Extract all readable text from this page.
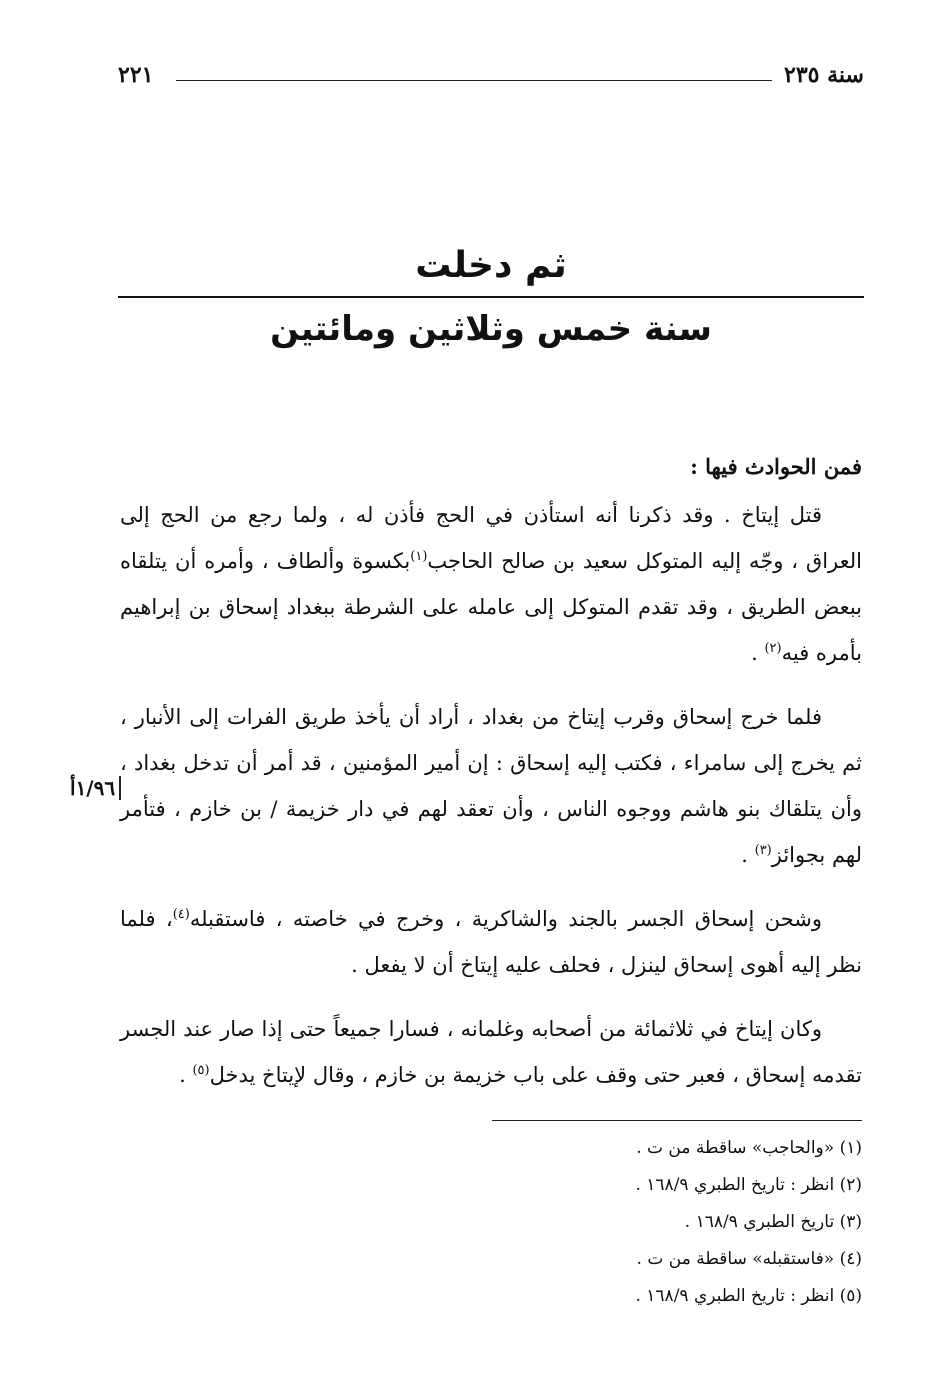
سنة ٢٣٥
٢٢١
ثم دخلت
سنة خمس وثلاثين ومائتين
فمن الحوادث فيها :

قتل إيتاخ . وقد ذكرنا أنه استأذن في الحج فأذن له ، ولما رجع من الحج إلى العراق ، وجّه إليه المتوكل سعيد بن صالح الحاجب$^{(١)}$بكسوة وألطاف ، وأمره أن يتلقاه ببعض الطريق ، وقد تقدم المتوكل إلى عامله على الشرطة ببغداد إسحاق بن إبراهيم بأمره فيه$^{(٢)}$ .

فلما خرج إسحاق وقرب إيتاخ من بغداد ، أراد أن يأخذ طريق الفرات إلى الأنبار ، ثم يخرج إلى سامراء ، فكتب إليه إسحاق : إن أمير المؤمنين ، قد أمر أن تدخل بغداد ، وأن يتلقاك بنو هاشم ووجوه الناس ، وأن تعقد لهم في دار خزيمة / بن خازم ، فتأمر لهم بجوائز$^{(٣)}$ .

وشحن إسحاق الجسر بالجند والشاكرية ، وخرج في خاصته ، فاستقبله$^{(٤)}$، فلما نظر إليه أهوى إسحاق لينزل ، فحلف عليه إيتاخ أن لا يفعل .

وكان إيتاخ في ثلاثمائة من أصحابه وغلمانه ، فسارا جميعاً حتى إذا صار عند الجسر تقدمه إسحاق ، فعبر حتى وقف على باب خزيمة بن خازم ، وقال لإيتاخ يدخل$^{(٥)}$ .

١/٩٦أ
(١) «والحاجب» ساقطة من ت .
(٢) انظر : تاريخ الطبري ١٦٨/٩ .
(٣) تاريخ الطبري ١٦٨/٩ .
(٤) «فاستقبله» ساقطة من ت .
(٥) انظر : تاريخ الطبري ١٦٨/٩ .
